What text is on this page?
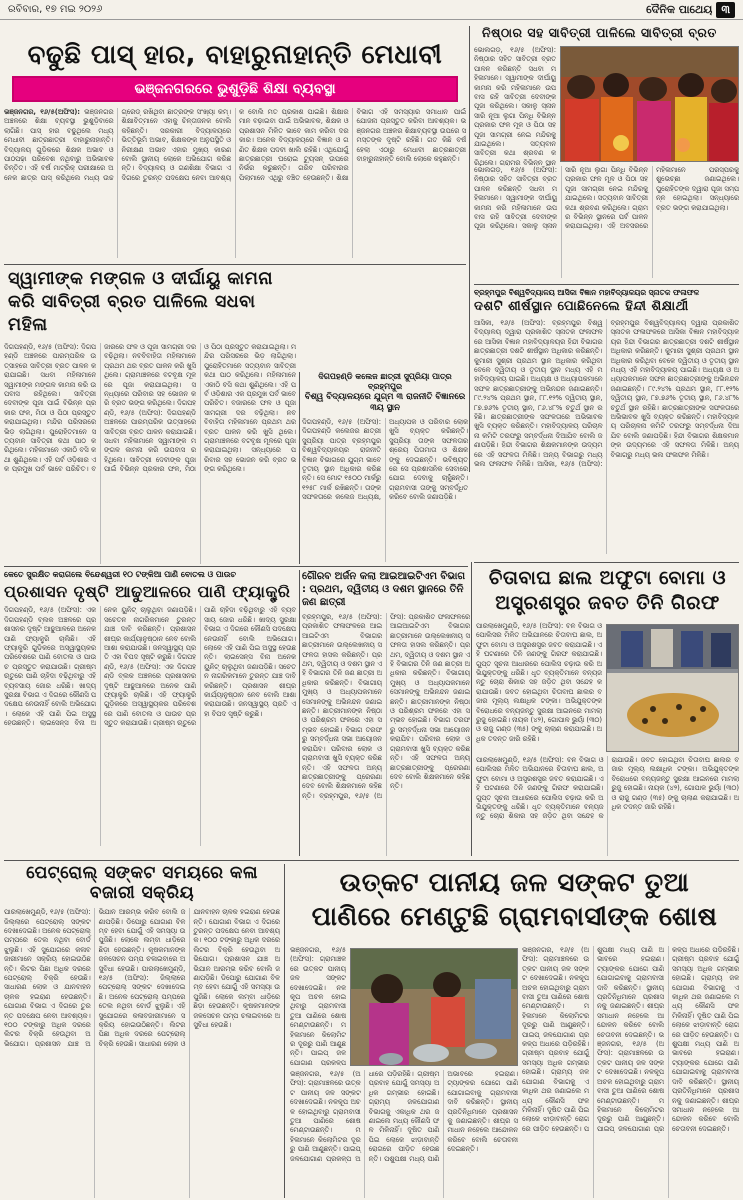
ରବିବାର, ୧୭ ମଇ ୨୦୨୬	ଦୈନିକ ପାଥେୟ ୩
ବଢୁଛି ପାସ୍ ହାର, ବାହାରୁନାହାନ୍ତି ମେଧାବୀ
ଭଞ୍ଜନଗରରେ ଭୁଶୁଡ଼ିଛି ଶିକ୍ଷା ବ୍ୟବସ୍ଥା
ଭଞ୍ଜନଗର, ୧୬/୫(ଅଫିସ): ଭଞ୍ଜନଗର ଅଞ୍ଚଳରେ ଶିକ୍ଷା ବ୍ୟବସ୍ଥା ଭୁଶୁଡ଼ିବାରେ ଲାଗିଛି। ପାସ୍ ହାର ବଢୁଥିଲେ ମଧ୍ୟ ମେଧାବୀ ଛାତ୍ରଛାତ୍ରୀ ବାହାରୁନାହାନ୍ତି। ବିଦ୍ୟାଳୟ ଗୁଡ଼ିକରେ ଶିକ୍ଷକ ଅଭାବ ଓ ପାଠପଢ଼ା ପରିବେଶ ନଥିବାରୁ ଅଭିଭାବକ ଚିନ୍ତିତ। ଏହି ବର୍ଷ ମାଟ୍ରିକ୍ ପରୀକ୍ଷାରେ ଅନେକ ଛାତ୍ର ପାସ୍ କରିଥିଲେ ମଧ୍ୟ ଉଚ୍ଚ ଗ୍ରେଡ୍ ରଖିଥିବା ଛାତ୍ରଙ୍କ ସଂଖ୍ୟା କମ୍। ଶିକ୍ଷାବିତ୍ମାନେ ଏହାକୁ ଚିନ୍ତାଜନକ ବୋଲି କହିଛନ୍ତି। ସରକାରୀ ବିଦ୍ୟାଳୟରେ ଭିତ୍ତିଭୂମି ଅଭାବ, ଶିକ୍ଷକଙ୍କ ଅନୁପସ୍ଥିତି ଓ ନିରୀକ୍ଷଣ ଅଭାବ ଏହାର ମୁଖ୍ୟ କାରଣ ବୋଲି ସ୍ଥାନୀୟ ଲୋକେ ଅଭିଯୋଗ କରିଛନ୍ତି। ବିଦ୍ୟାଳୟ ଓ ଗଣଶିକ୍ଷା ବିଭାଗ ଏ ଦିଗରେ ତୁରନ୍ତ ପଦକ୍ଷେପ ନେବା ଆବଶ୍ୟକ ବୋଲି ମତ ପ୍ରକାଶ ପାଇଛି। ଶିକ୍ଷାର ମାନ ବଢ଼ାଇବା ପାଇଁ ଅଭିଭାବକ, ଶିକ୍ଷକ ଓ ପ୍ରଶାସନ ମିଳିତ ଭାବେ କାମ କରିବା ଦରକାର। ଅନେକ ବିଦ୍ୟାଳୟରେ ବିଜ୍ଞାନ ଓ ଗଣିତ ଶିକ୍ଷକ ପଦବୀ ଖାଲି ରହିଛି। ଏଥିଯୋଗୁଁ ଛାତ୍ରଛାତ୍ରୀ ଘରୋଇ ଟ୍ୟୁସନ୍ ଉପରେ ନିର୍ଭର କରୁଛନ୍ତି। ଗରିବ ପରିବାରର ପିଲାମାନେ ଏଥିରୁ ବଞ୍ଚିତ ହେଉଛନ୍ତି। ଶିକ୍ଷା ବିଭାଗ ଏହି ସମସ୍ୟାର ସମାଧାନ ପାଇଁ ଯୋଜନା ପ୍ରସ୍ତୁତ କରିବା ଆବଶ୍ୟକ। ଭଞ୍ଜନଗର ଅଞ୍ଚଳର ଶିକ୍ଷାବ୍ୟବସ୍ଥା ଉପରେ ସମସ୍ତଙ୍କ ଦୃଷ୍ଟି ରହିଛି। ଗତ କିଛି ବର୍ଷ ହେଲା ଏଠାରୁ ମେଧାବୀ ଛାତ୍ରଛାତ୍ରୀ ବାହାରୁନାହାନ୍ତି ବୋଲି ଲୋକେ କହୁଛନ୍ତି।
ନିଷ୍ଠାର ସହ ସାବିତ୍ରୀ ପାଳିଲେ ସାବିତ୍ରୀ ବ୍ରତ
ଭୋଲଗଡ଼, ୧୬/୫ (ଅଫିସ): ନିଷ୍ଠାର ସହିତ ସାବିତ୍ରୀ ବ୍ରତ ପାଳନ କରିଛନ୍ତି ସଧବା ମହିଳାମାନେ। ସ୍ୱାମୀଙ୍କ ଦୀର୍ଘାୟୁ କାମନା କରି ମହିଳାମାନେ ଉପବାସ ରହି ସାବିତ୍ରୀ ଦେବୀଙ୍କ ପୂଜା କରିଥିଲେ। ସକାଳୁ ସ୍ନାନ ସାରି ନୂଆ ଲୁଗା ପିନ୍ଧି ବିଭିନ୍ନ ପ୍ରକାର ଫଳ ମୂଳ ଓ ପିଠା ସହ ପୂଜା ସାମଗ୍ରୀ ନେଇ ମନ୍ଦିରକୁ ଯାଇଥିଲେ। ସତ୍ୟବାନ ସାବିତ୍ରୀ କଥା ଶ୍ରବଣ କରିଥିଲେ। ଗ୍ରାମର ବିଭିନ୍ନ ସ୍ଥାନ
ଭୋଲଗଡ଼, ୧୬/୫ (ଅଫିସ): ନିଷ୍ଠାର ସହିତ ସାବିତ୍ରୀ ବ୍ରତ ପାଳନ କରିଛନ୍ତି ସଧବା ମହିଳାମାନେ। ସ୍ୱାମୀଙ୍କ ଦୀର୍ଘାୟୁ କାମନା କରି ମହିଳାମାନେ ଉପବାସ ରହି ସାବିତ୍ରୀ ଦେବୀଙ୍କ ପୂଜା କରିଥିଲେ। ସକାଳୁ ସ୍ନାନ ସାରି ନୂଆ ଲୁଗା ପିନ୍ଧି ବିଭିନ୍ନ ପ୍ରକାର ଫଳ ମୂଳ ଓ ପିଠା ସହ ପୂଜା ସାମଗ୍ରୀ ନେଇ ମନ୍ଦିରକୁ ଯାଇଥିଲେ। ସତ୍ୟବାନ ସାବିତ୍ରୀ କଥା ଶ୍ରବଣ କରିଥିଲେ। ଗ୍ରାମର ବିଭିନ୍ନ ସ୍ଥାନରେ ପର୍ବ ପାଳନ କରାଯାଇଥିଲା। ଏହି ଅବସରରେ ମହିଳାମାନେ ପରସ୍ପରକୁ ଶୁଭେଚ୍ଛା ଜଣାଇଥିଲେ। ପୁରୋହିତଙ୍କ ଦ୍ୱାରା ପୂଜା ସମ୍ପନ୍ନ ହୋଇଥିଲା। ସନ୍ଧ୍ୟାରେ ବ୍ରତ ଭଙ୍ଗ କରାଯାଇଥିଲା।
ବ୍ରହ୍ମପୁର ବିଶ୍ୱବିଦ୍ୟାଳୟ ଆସିକା ବିଜ୍ଞାନ ମହାବିଦ୍ୟାଳୟର ସ୍ନାତକ ଫଳାଫଳ
ଦଶଟି ଶୀର୍ଷସ୍ଥାନ ପୋଛିନେଲେ ହିନ୍ଦୀ ଶିକ୍ଷାର୍ଥୀ
ଆସିକା, ୧୬/୫ (ଅଫିସ): ବ୍ରହ୍ମପୁର ବିଶ୍ୱବିଦ୍ୟାଳୟ ଦ୍ୱାରା ପ୍ରକାଶିତ ସ୍ନାତକ ଫଳାଫଳରେ ଆସିକା ବିଜ୍ଞାନ ମହାବିଦ୍ୟାଳୟର ହିନ୍ଦୀ ବିଭାଗର ଛାତ୍ରଛାତ୍ରୀ ଦଶଟି ଶୀର୍ଷସ୍ଥାନ ଅଧିକାର କରିଛନ୍ତି। କୁମାରୀ ସୁଶ୍ରୀ ପ୍ରଥମ ସ୍ଥାନ ଅଧିକାର କରିଥିବା ବେଳେ ଦ୍ୱିତୀୟ ଓ ତୃତୀୟ ସ୍ଥାନ ମଧ୍ୟ ଏହି ମହାବିଦ୍ୟାଳୟ ପାଇଛି। ଅଧ୍ୟକ୍ଷ ଓ ଅଧ୍ୟାପକମାନେ ସଫଳ ଛାତ୍ରଛାତ୍ରୀଙ୍କୁ ଅଭିନନ୍ଦନ ଜଣାଇଛନ୍ତି। ୮୯.୨୪% ପ୍ରଥମ ସ୍ଥାନ, ୮୮.୧୨% ଦ୍ୱିତୀୟ ସ୍ଥାନ, ୮୭.୭୬% ତୃତୀୟ ସ୍ଥାନ, ୮୬.୪୮% ଚତୁର୍ଥ ସ୍ଥାନ ରହିଛି। ଛାତ୍ରଛାତ୍ରୀଙ୍କ ସଫଳତାରେ ଅଭିଭାବକ ଖୁସି ବ୍ୟକ୍ତ କରିଛନ୍ତି। ମହାବିଦ୍ୟାଳୟ ପରିଚାଳନା କମିଟି ତରଫରୁ ସମ୍ବର୍ଦ୍ଧନା ଦିଆଯିବ ବୋଲି ଜଣାପଡ଼ିଛି। ହିନ୍ଦୀ ବିଭାଗର ଶିକ୍ଷକମାନଙ୍କ ଉଦ୍ୟମରେ ଏହି ସଫଳତା ମିଳିଛି। ଅନ୍ୟ ବିଭାଗରୁ ମଧ୍ୟ ଭଲ ଫଳାଫଳ ମିଳିଛି। ଆସିକା, ୧୬/୫ (ଅଫିସ): ବ୍ରହ୍ମପୁର ବିଶ୍ୱବିଦ୍ୟାଳୟ ଦ୍ୱାରା ପ୍ରକାଶିତ ସ୍ନାତକ ଫଳାଫଳରେ ଆସିକା ବିଜ୍ଞାନ ମହାବିଦ୍ୟାଳୟର ହିନ୍ଦୀ ବିଭାଗର ଛାତ୍ରଛାତ୍ରୀ ଦଶଟି ଶୀର୍ଷସ୍ଥାନ ଅଧିକାର କରିଛନ୍ତି। କୁମାରୀ ସୁଶ୍ରୀ ପ୍ରଥମ ସ୍ଥାନ ଅଧିକାର କରିଥିବା ବେଳେ ଦ୍ୱିତୀୟ ଓ ତୃତୀୟ ସ୍ଥାନ ମଧ୍ୟ ଏହି ମହାବିଦ୍ୟାଳୟ ପାଇଛି। ଅଧ୍ୟକ୍ଷ ଓ ଅଧ୍ୟାପକମାନେ ସଫଳ ଛାତ୍ରଛାତ୍ରୀଙ୍କୁ ଅଭିନନ୍ଦନ ଜଣାଇଛନ୍ତି। ୮୯.୨୪% ପ୍ରଥମ ସ୍ଥାନ, ୮୮.୧୨% ଦ୍ୱିତୀୟ ସ୍ଥାନ, ୮୭.୭୬% ତୃତୀୟ ସ୍ଥାନ, ୮୬.୪୮% ଚତୁର୍ଥ ସ୍ଥାନ ରହିଛି। ଛାତ୍ରଛାତ୍ରୀଙ୍କ ସଫଳତାରେ ଅଭିଭାବକ ଖୁସି ବ୍ୟକ୍ତ କରିଛନ୍ତି। ମହାବିଦ୍ୟାଳୟ ପରିଚାଳନା କମିଟି ତରଫରୁ ସମ୍ବର୍ଦ୍ଧନା ଦିଆଯିବ ବୋଲି ଜଣାପଡ଼ିଛି। ହିନ୍ଦୀ ବିଭାଗର ଶିକ୍ଷକମାନଙ୍କ ଉଦ୍ୟମରେ ଏହି ସଫଳତା ମିଳିଛି। ଅନ୍ୟ ବିଭାଗରୁ ମଧ୍ୟ ଭଲ ଫଳାଫଳ ମିଳିଛି।
ସ୍ୱାମୀଙ୍କ ମଙ୍ଗଳ ଓ ଦୀର୍ଘାୟୁ କାମନା କରି ସାବିତ୍ରୀ ବ୍ରତ ପାଳିଲେ ସଧବା ମହିଳା
ଦିଗପହଣ୍ଡି, ୧୬/୫ (ଅଫିସ): ଦିଗପହଣ୍ଡି ଅଞ୍ଚଳରେ ପାରମ୍ପରିକ ଉତ୍ସାହରେ ସାବିତ୍ରୀ ବ୍ରତ ପାଳନ କରାଯାଇଛି। ସଧବା ମହିଳାମାନେ ସ୍ୱାମୀଙ୍କ ମଙ୍ଗଳ କାମନା କରି ଉପବାସ ରହିଥିଲେ। ସାବିତ୍ରୀ ଦେବୀଙ୍କ ପୂଜା ପାଇଁ ବିଭିନ୍ନ ପ୍ରକାର ଫଳ, ମିଠା ଓ ପିଠା ପ୍ରସ୍ତୁତ କରାଯାଇଥିଲା। ମନ୍ଦିର ପରିସରରେ ଭିଡ଼ ଲାଗିଥିଲା। ପୁରୋହିତମାନେ ସତ୍ୟବାନ ସାବିତ୍ରୀ କଥା ପାଠ କରିଥିଲେ। ମହିଳାମାନେ ଏକାଠି ବସି କଥା ଶୁଣିଥିଲେ। ଏହି ପର୍ବ ଓଡ଼ିଶାର ଏକ ପ୍ରମୁଖ ପର୍ବ ଭାବେ ପରିଚିତ। ବଜାରରେ ଫଳ ଓ ପୂଜା ସାମଗ୍ରୀ ଦର ବଢ଼ିଥିଲା। ନବବିବାହିତା ମହିଳାମାନେ ପ୍ରଥମ ଥର ବ୍ରତ ପାଳନ କରି ଖୁସି ଥିଲେ। ଗ୍ରାମାଞ୍ଚଳରେ ବଟବୃକ୍ଷ ମୂଳରେ ପୂଜା କରାଯାଇଥିଲା। ସନ୍ଧ୍ୟାରେ ପରିବାର ସହ ଭୋଜନ କରି ବ୍ରତ ଭଙ୍ଗ କରିଥିଲେ। ଦିଗପହଣ୍ଡି, ୧୬/୫ (ଅଫିସ): ଦିଗପହଣ୍ଡି ଅଞ୍ଚଳରେ ପାରମ୍ପରିକ ଉତ୍ସାହରେ ସାବିତ୍ରୀ ବ୍ରତ ପାଳନ କରାଯାଇଛି। ସଧବା ମହିଳାମାନେ ସ୍ୱାମୀଙ୍କ ମଙ୍ଗଳ କାମନା କରି ଉପବାସ ରହିଥିଲେ। ସାବିତ୍ରୀ ଦେବୀଙ୍କ ପୂଜା ପାଇଁ ବିଭିନ୍ନ ପ୍ରକାର ଫଳ, ମିଠା ଓ ପିଠା ପ୍ରସ୍ତୁତ କରାଯାଇଥିଲା। ମନ୍ଦିର ପରିସରରେ ଭିଡ଼ ଲାଗିଥିଲା। ପୁରୋହିତମାନେ ସତ୍ୟବାନ ସାବିତ୍ରୀ କଥା ପାଠ କରିଥିଲେ। ମହିଳାମାନେ ଏକାଠି ବସି କଥା ଶୁଣିଥିଲେ। ଏହି ପର୍ବ ଓଡ଼ିଶାର ଏକ ପ୍ରମୁଖ ପର୍ବ ଭାବେ ପରିଚିତ। ବଜାରରେ ଫଳ ଓ ପୂଜା ସାମଗ୍ରୀ ଦର ବଢ଼ିଥିଲା। ନବବିବାହିତା ମହିଳାମାନେ ପ୍ରଥମ ଥର ବ୍ରତ ପାଳନ କରି ଖୁସି ଥିଲେ। ଗ୍ରାମାଞ୍ଚଳରେ ବଟବୃକ୍ଷ ମୂଳରେ ପୂଜା କରାଯାଇଥିଲା। ସନ୍ଧ୍ୟାରେ ପରିବାର ସହ ଭୋଜନ କରି ବ୍ରତ ଭଙ୍ଗ କରିଥିଲେ।
ଦିଗପହଣ୍ଡି କଲେଜ ଛାତ୍ରୀ ସୁପ୍ରିୟା ପାତ୍ର ବ୍ରହ୍ମପୁର
ବିଶ୍ୱ ବିଦ୍ୟାଳୟରେ ଯୁଗ୍ମ ୩ ରାଜନୀତି ବିଜ୍ଞାନରେ ୩ୟ ସ୍ଥାନ
ଦିଗପହଣ୍ଡି, ୧୬/୫ (ଅଫିସ): ଦିଗପହଣ୍ଡି କଲେଜର ଛାତ୍ରୀ ସୁପ୍ରିୟା ପାତ୍ର ବ୍ରହ୍ମପୁର ବିଶ୍ୱବିଦ୍ୟାଳୟର ରାଜନୀତି ବିଜ୍ଞାନ ବିଭାଗରେ ଯୁଗ୍ମ ଭାବେ ତୃତୀୟ ସ୍ଥାନ ଅଧିକାର କରିଛନ୍ତି। ସେ ମୋଟ ୧୫୦୦ ମାର୍କରୁ ୧୨୫୮ ମାର୍କ ରଖିଛନ୍ତି। ତାଙ୍କ ସଫଳତାରେ କଲେଜ ଅଧ୍ୟକ୍ଷ, ଅଧ୍ୟାପକ ଓ ପରିବାର ଲୋକ ଖୁସି ବ୍ୟକ୍ତ କରିଛନ୍ତି। ସୁପ୍ରିୟା ତାଙ୍କ ସଫଳତାର ଶ୍ରେୟ ପିତାମାତା ଓ ଶିକ୍ଷକଙ୍କୁ ଦେଇଛନ୍ତି। ଭବିଷ୍ୟତରେ ସେ ପ୍ରଶାସନିକ ସେବାରେ ଯୋଗ ଦେବାକୁ ଚାହୁଁଛନ୍ତି। ଗ୍ରାମବାସୀ ତାଙ୍କୁ ସମ୍ବର୍ଦ୍ଧିତ କରିବେ ବୋଲି ଜଣାପଡ଼ିଛି।
ଗୌରବ ଅର୍ଜନ କଲା ଆଇଆଇଟିଏମ ବିଭାଗ : ପ୍ରଥମ, ଦ୍ୱିତୀୟ ଓ ଦଶମ ସ୍ଥାନରେ ତିନି ଜଣ ଛାତ୍ରୀ
ବ୍ରହ୍ମପୁର, ୧୬/୫ (ଅଫିସ): ପ୍ରକାଶିତ ଫଳାଫଳରେ ଆଇଆଇଟିଏମ ବିଭାଗର ଛାତ୍ରୀମାନେ ଉଲ୍ଲେଖନୀୟ ସଫଳତା ହାସଲ କରିଛନ୍ତି। ପ୍ରଥମ, ଦ୍ୱିତୀୟ ଓ ଦଶମ ସ୍ଥାନ ଏହି ବିଭାଗର ତିନି ଜଣ ଛାତ୍ରୀ ଅଧିକାର କରିଛନ୍ତି। ବିଭାଗୀୟ ମୁଖ୍ୟ ଓ ଅଧ୍ୟାପକମାନେ ସେମାନଙ୍କୁ ଅଭିନନ୍ଦନ ଜଣାଇଛନ୍ତି। ଛାତ୍ରୀମାନଙ୍କ ନିଷ୍ଠା ଓ ପରିଶ୍ରମ ଫଳରେ ଏହା ସମ୍ଭବ ହୋଇଛି। ବିଭାଗ ତରଫରୁ ସମ୍ବର୍ଦ୍ଧନା ସଭା ଆୟୋଜନ କରାଯିବ। ପରିବାର ଲୋକ ଓ ଗ୍ରାମବାସୀ ଖୁସି ବ୍ୟକ୍ତ କରିଛନ୍ତି। ଏହି ସଫଳତା ଅନ୍ୟ ଛାତ୍ରଛାତ୍ରୀଙ୍କୁ ପ୍ରେରଣା ଦେବ ବୋଲି ଶିକ୍ଷକମାନେ କହିଛନ୍ତି। ବ୍ରହ୍ମପୁର, ୧୬/୫ (ଅଫିସ): ପ୍ରକାଶିତ ଫଳାଫଳରେ ଆଇଆଇଟିଏମ ବିଭାଗର ଛାତ୍ରୀମାନେ ଉଲ୍ଲେଖନୀୟ ସଫଳତା ହାସଲ କରିଛନ୍ତି। ପ୍ରଥମ, ଦ୍ୱିତୀୟ ଓ ଦଶମ ସ୍ଥାନ ଏହି ବିଭାଗର ତିନି ଜଣ ଛାତ୍ରୀ ଅଧିକାର କରିଛନ୍ତି। ବିଭାଗୀୟ ମୁଖ୍ୟ ଓ ଅଧ୍ୟାପକମାନେ ସେମାନଙ୍କୁ ଅଭିନନ୍ଦନ ଜଣାଇଛନ୍ତି। ଛାତ୍ରୀମାନଙ୍କ ନିଷ୍ଠା ଓ ପରିଶ୍ରମ ଫଳରେ ଏହା ସମ୍ଭବ ହୋଇଛି। ବିଭାଗ ତରଫରୁ ସମ୍ବର୍ଦ୍ଧନା ସଭା ଆୟୋଜନ କରାଯିବ। ପରିବାର ଲୋକ ଓ ଗ୍ରାମବାସୀ ଖୁସି ବ୍ୟକ୍ତ କରିଛନ୍ତି। ଏହି ସଫଳତା ଅନ୍ୟ ଛାତ୍ରଛାତ୍ରୀଙ୍କୁ ପ୍ରେରଣା ଦେବ ବୋଲି ଶିକ୍ଷକମାନେ କହିଛନ୍ତି।
କେତେ ସୁରକ୍ଷିତ କରାଗଲେ ବିନ୍ଦେଶ୍ୱରୀ ୧୦ ଟଙ୍କିଆ ପାଣି ବୋତଲ ଓ ପାଉଚ
ପ୍ରଶାସନ ଦୃଷ୍ଟି ଆଢୁଆଳରେ ପାଣି ଫ୍ୟାକ୍ଟ୍ରି
ଦିଗପହଣ୍ଡି, ୧୬/୫ (ଅଫିସ): ଏକ ଦିଗପହଣ୍ଡି ବ୍ଲକ ଅଞ୍ଚଳରେ ପ୍ରଶାସନର ଦୃଷ୍ଟି ଆଢୁଆଳରେ ଅନେକ ପାଣି ଫ୍ୟାକ୍ଟ୍ରି ଚାଲିଛି। ଏହି ଫ୍ୟାକ୍ଟ୍ରି ଗୁଡ଼ିକରେ ଅସ୍ୱାସ୍ଥ୍ୟକର ପରିବେଶରେ ପାଣି ବୋତଲ ଓ ପାଉଚ ପ୍ରସ୍ତୁତ କରାଯାଉଛି। ଗ୍ରୀଷ୍ମ ଋତୁରେ ପାଣି ଚାହିଦା ବଢ଼ିଥିବାରୁ ଏହି ବ୍ୟବସାୟ ଜୋର ଧରିଛି। ଖାଦ୍ୟ ସୁରକ୍ଷା ବିଭାଗ ଏ ଦିଗରେ କୌଣସି ପଦକ୍ଷେପ ନେଉନାହିଁ ବୋଲି ଅଭିଯୋଗ। ଲୋକେ ଏହି ପାଣି ପିଇ ଅସୁସ୍ଥ ହେଉଛନ୍ତି। ଲାଇସେନ୍ସ ବିନା ଅନେକ ୟୁନିଟ୍ ଚାଲୁଥିବା ଜଣାପଡ଼ିଛି। ସଚେତନ ନାଗରିକମାନେ ତୁରନ୍ତ ଯାଞ୍ଚ ଦାବି କରିଛନ୍ତି। ପ୍ରଶାସନ ଶୀଘ୍ର କାର୍ଯ୍ୟାନୁଷ୍ଠାନ ନେବ ବୋଲି ଆଶା କରାଯାଉଛି। ଜନସ୍ୱାସ୍ଥ୍ୟ ପ୍ରତି ଏହା ବିପଦ ସୃଷ୍ଟି କରୁଛି। ଦିଗପହଣ୍ଡି, ୧୬/୫ (ଅଫିସ): ଏକ ଦିଗପହଣ୍ଡି ବ୍ଲକ ଅଞ୍ଚଳରେ ପ୍ରଶାସନର ଦୃଷ୍ଟି ଆଢୁଆଳରେ ଅନେକ ପାଣି ଫ୍ୟାକ୍ଟ୍ରି ଚାଲିଛି। ଏହି ଫ୍ୟାକ୍ଟ୍ରି ଗୁଡ଼ିକରେ ଅସ୍ୱାସ୍ଥ୍ୟକର ପରିବେଶରେ ପାଣି ବୋତଲ ଓ ପାଉଚ ପ୍ରସ୍ତୁତ କରାଯାଉଛି। ଗ୍ରୀଷ୍ମ ଋତୁରେ ପାଣି ଚାହିଦା ବଢ଼ିଥିବାରୁ ଏହି ବ୍ୟବସାୟ ଜୋର ଧରିଛି। ଖାଦ୍ୟ ସୁରକ୍ଷା ବିଭାଗ ଏ ଦିଗରେ କୌଣସି ପଦକ୍ଷେପ ନେଉନାହିଁ ବୋଲି ଅଭିଯୋଗ। ଲୋକେ ଏହି ପାଣି ପିଇ ଅସୁସ୍ଥ ହେଉଛନ୍ତି। ଲାଇସେନ୍ସ ବିନା ଅନେକ ୟୁନିଟ୍ ଚାଲୁଥିବା ଜଣାପଡ଼ିଛି। ସଚେତନ ନାଗରିକମାନେ ତୁରନ୍ତ ଯାଞ୍ଚ ଦାବି କରିଛନ୍ତି। ପ୍ରଶାସନ ଶୀଘ୍ର କାର୍ଯ୍ୟାନୁଷ୍ଠାନ ନେବ ବୋଲି ଆଶା କରାଯାଉଛି। ଜନସ୍ୱାସ୍ଥ୍ୟ ପ୍ରତି ଏହା ବିପଦ ସୃଷ୍ଟି କରୁଛି।
ଚିତାବାଘ ଛାଲ ଅଫୁଟା ବୋମା ଓ ଅସ୍ତ୍ରଶସ୍ତ୍ର ଜବତ ତିନି ଗିରଫ
ପାରଲାଖେମୁଣ୍ଡି, ୧୬/୫ (ଅଫିସ): ବନ ବିଭାଗ ଓ ପୋଲିସର ମିଳିତ ଅଭିଯାନରେ ଚିତାବାଘ ଛାଲ, ଅଫୁଟା ବୋମା ଓ ଅସ୍ତ୍ରଶସ୍ତ୍ର ଜବତ କରାଯାଇଛି। ଏହି ଘଟଣାରେ ତିନି ଜଣଙ୍କୁ ଗିରଫ କରାଯାଇଛି। ଗୁପ୍ତ ସୂଚନା ଆଧାରରେ ପୋଲିସ ଚଢ଼ାଉ କରି ଅଭିଯୁକ୍ତଙ୍କୁ ଧରିଛି। ଧୃତ ବ୍ୟକ୍ତିମାନେ ବନ୍ୟଜନ୍ତୁ ଚୋରା ଶିକାର ସହ ଜଡ଼ିତ ଥିବା ସନ୍ଦେହ କରାଯାଉଛି। ଜବତ ହୋଇଥିବା ଚିତାବାଘ ଛାଲର ବଜାର ମୂଲ୍ୟ ଲକ୍ଷାଧିକ ଟଙ୍କା। ଅଭିଯୁକ୍ତଙ୍କ ବିରୋଧରେ ବନ୍ୟଜନ୍ତୁ ସୁରକ୍ଷା ଆଇନରେ ମାମଲା ରୁଜୁ ହୋଇଛି। ନାୟକ (୪୨), ଗୋପାଳ ଭୁୟାଁ (୩୦) ଓ ରାଜୁ ଗଣ୍ଡ (୩୫) ଙ୍କୁ ଚାଲାଣ କରାଯାଇଛି। ଅଧିକ ତଦନ୍ତ ଜାରି ରହିଛି।
ପାରଲାଖେମୁଣ୍ଡି, ୧୬/୫ (ଅଫିସ): ବନ ବିଭାଗ ଓ ପୋଲିସର ମିଳିତ ଅଭିଯାନରେ ଚିତାବାଘ ଛାଲ, ଅଫୁଟା ବୋମା ଓ ଅସ୍ତ୍ରଶସ୍ତ୍ର ଜବତ କରାଯାଇଛି। ଏହି ଘଟଣାରେ ତିନି ଜଣଙ୍କୁ ଗିରଫ କରାଯାଇଛି। ଗୁପ୍ତ ସୂଚନା ଆଧାରରେ ପୋଲିସ ଚଢ଼ାଉ କରି ଅଭିଯୁକ୍ତଙ୍କୁ ଧରିଛି। ଧୃତ ବ୍ୟକ୍ତିମାନେ ବନ୍ୟଜନ୍ତୁ ଚୋରା ଶିକାର ସହ ଜଡ଼ିତ ଥିବା ସନ୍ଦେହ କରାଯାଉଛି। ଜବତ ହୋଇଥିବା ଚିତାବାଘ ଛାଲର ବଜାର ମୂଲ୍ୟ ଲକ୍ଷାଧିକ ଟଙ୍କା। ଅଭିଯୁକ୍ତଙ୍କ ବିରୋଧରେ ବନ୍ୟଜନ୍ତୁ ସୁରକ୍ଷା ଆଇନରେ ମାମଲା ରୁଜୁ ହୋଇଛି। ନାୟକ (୪୨), ଗୋପାଳ ଭୁୟାଁ (୩୦) ଓ ରାଜୁ ଗଣ୍ଡ (୩୫) ଙ୍କୁ ଚାଲାଣ କରାଯାଇଛି। ଅଧିକ ତଦନ୍ତ ଜାରି ରହିଛି।
ପେଟ୍ରୋଲ୍ ସଙ୍କଟ ସମୟରେ କଳା ବଜାରୀ ସକ୍ରିୟ
ପାରଲାଖେମୁଣ୍ଡି, ୧୬/୫ (ଅଫିସ): ଜିଲ୍ଲାରେ ପେଟ୍ରୋଲ୍ ସଙ୍କଟ ଦେଖାଦେଇଛି। ଅନେକ ପେଟ୍ରୋଲ୍ ପମ୍ପରେ ତେଲ ନଥିବା ବୋର୍ଡ ଝୁଲୁଛି। ଏହି ସୁଯୋଗରେ କଳାବଜାରୀମାନେ ସକ୍ରିୟ ହୋଇଉଠିଛନ୍ତି। ଲିଟର ପିଛା ଅଧିକ ଦରରେ ପେଟ୍ରୋଲ୍ ବିକ୍ରି ହେଉଛି। ସାଧାରଣ ଲୋକ ଓ ଯାନବାହନ ଚାଳକ ହଇରାଣ ହେଉଛନ୍ତି। ଯୋଗାଣ ବିଭାଗ ଏ ଦିଗରେ ତୁରନ୍ତ ପଦକ୍ଷେପ ନେବା ଆବଶ୍ୟକ। ୧୦୦ ଟଙ୍କାରୁ ଅଧିକ ଦରରେ ଲିଟର ବିକ୍ରି ହେଉଥିବା ଅଭିଯୋଗ। ପ୍ରଶାସନ ଯାଞ୍ଚ ଅଭିଯାନ ଆରମ୍ଭ କରିବ ବୋଲି ଜଣାପଡ଼ିଛି। ଡିପୋରୁ ଯୋଗାଣ ବିଳମ୍ବ ହେବା ଯୋଗୁଁ ଏହି ସମସ୍ୟା ଉପୁଜିଛି। ଲୋକେ ଲମ୍ବା ଧାଡ଼ିରେ ଛିଡ଼ା ହେଉଛନ୍ତି। କୃଷକମାନଙ୍କ ଜଳସେଚନ ପମ୍ପ ଚଳାଇବାରେ ଅସୁବିଧା ହେଉଛି। ପାରଲାଖେମୁଣ୍ଡି, ୧୬/୫ (ଅଫିସ): ଜିଲ୍ଲାରେ ପେଟ୍ରୋଲ୍ ସଙ୍କଟ ଦେଖାଦେଇଛି। ଅନେକ ପେଟ୍ରୋଲ୍ ପମ୍ପରେ ତେଲ ନଥିବା ବୋର୍ଡ ଝୁଲୁଛି। ଏହି ସୁଯୋଗରେ କଳାବଜାରୀମାନେ ସକ୍ରିୟ ହୋଇଉଠିଛନ୍ତି। ଲିଟର ପିଛା ଅଧିକ ଦରରେ ପେଟ୍ରୋଲ୍ ବିକ୍ରି ହେଉଛି। ସାଧାରଣ ଲୋକ ଓ ଯାନବାହନ ଚାଳକ ହଇରାଣ ହେଉଛନ୍ତି। ଯୋଗାଣ ବିଭାଗ ଏ ଦିଗରେ ତୁରନ୍ତ ପଦକ୍ଷେପ ନେବା ଆବଶ୍ୟକ। ୧୦୦ ଟଙ୍କାରୁ ଅଧିକ ଦରରେ ଲିଟର ବିକ୍ରି ହେଉଥିବା ଅଭିଯୋଗ। ପ୍ରଶାସନ ଯାଞ୍ଚ ଅଭିଯାନ ଆରମ୍ଭ କରିବ ବୋଲି ଜଣାପଡ଼ିଛି। ଡିପୋରୁ ଯୋଗାଣ ବିଳମ୍ବ ହେବା ଯୋଗୁଁ ଏହି ସମସ୍ୟା ଉପୁଜିଛି। ଲୋକେ ଲମ୍ବା ଧାଡ଼ିରେ ଛିଡ଼ା ହେଉଛନ୍ତି। କୃଷକମାନଙ୍କ ଜଳସେଚନ ପମ୍ପ ଚଳାଇବାରେ ଅସୁବିଧା ହେଉଛି।
ଉତ୍କଟ ପାନୀୟ ଜଳ ସଙ୍କଟ ତୁଆ ପାଣିରେ ମେଣ୍ଟୁଛି ଗ୍ରାମବାସୀଙ୍କ ଶୋଷ
ଭଞ୍ଜନଗର, ୧୬/୫ (ଅଫିସ): ଗ୍ରାମାଞ୍ଚଳରେ ଉତ୍କଟ ପାନୀୟ ଜଳ ସଙ୍କଟ ଦେଖାଦେଇଛି। ନଳକୂପ ଅଚଳ ହୋଇଥିବାରୁ ଗ୍ରାମବାସୀ ତୁଆ ପାଣିରେ ଶୋଷ ମେଣ୍ଟାଉଛନ୍ତି। ମହିଳାମାନେ କିଲୋମିଟର ଦୂରରୁ ପାଣି ଆଣୁଛନ୍ତି। ପାଇପ୍ ଜଳଯୋଗାଣ ପ୍ରକଳ୍ପ
ଭଞ୍ଜନଗର, ୧୬/୫ (ଅଫିସ): ଗ୍ରାମାଞ୍ଚଳରେ ଉତ୍କଟ ପାନୀୟ ଜଳ ସଙ୍କଟ ଦେଖାଦେଇଛି। ନଳକୂପ ଅଚଳ ହୋଇଥିବାରୁ ଗ୍ରାମବାସୀ ତୁଆ ପାଣିରେ ଶୋଷ ମେଣ୍ଟାଉଛନ୍ତି। ମହିଳାମାନେ କିଲୋମିଟର ଦୂରରୁ ପାଣି ଆଣୁଛନ୍ତି। ପାଇପ୍ ଜଳଯୋଗାଣ ପ୍ରକଳ୍ପ ଅଧାରେ ପଡ଼ିରହିଛି। ଗ୍ରୀଷ୍ମ ପ୍ରବାହ ଯୋଗୁଁ ସମସ୍ୟା ଅଧିକ ଗମ୍ଭୀର ହୋଇଛି। ଗ୍ରାମ୍ୟ ଜଳଯୋଗାଣ ବିଭାଗକୁ ଏକାଧିକ ଥର ଜଣାଇଲେ ମଧ୍ୟ କୌଣସି ଫଳ ମିଳିନାହିଁ। ଦୂଷିତ ପାଣି ପିଇ ଲୋକେ ଝାଡ଼ାବାନ୍ତି ରୋଗରେ ପୀଡ଼ିତ ହେଉଛନ୍ତି। ପଶୁପକ୍ଷୀ ମଧ୍ୟ ପାଣି ଅଭାବରେ ହଇରାଣ। ଟ୍ୟାଙ୍କର ଯୋଗେ ପାଣି ଯୋଗାଇବାକୁ ଗ୍ରାମବାସୀ ଦାବି କରିଛନ୍ତି। ସ୍ଥାନୀୟ ପ୍ରତିନିଧିମାନେ ପ୍ରଶାସନକୁ ଜଣାଇଛନ୍ତି। ଶୀଘ୍ର ସମାଧାନ ନହେଲେ ଆନ୍ଦୋଳନ କରିବେ ବୋଲି ଚେତାବନୀ ଦେଇଛନ୍ତି। ଭଞ୍ଜନଗର, ୧୬/୫ (ଅଫିସ): ଗ୍ରାମାଞ୍ଚଳରେ ଉତ୍କଟ ପାନୀୟ ଜଳ ସଙ୍କଟ ଦେଖାଦେଇଛି। ନଳକୂପ ଅଚଳ ହୋଇଥିବାରୁ ଗ୍ରାମବାସୀ ତୁଆ ପାଣିରେ ଶୋଷ ମେଣ୍ଟାଉଛନ୍ତି। ମହିଳାମାନେ କିଲୋମିଟର ଦୂରରୁ ପାଣି ଆଣୁଛନ୍ତି। ପାଇପ୍ ଜଳଯୋଗାଣ ପ୍ରକଳ୍ପ ଅଧାରେ ପଡ଼ିରହିଛି। ଗ୍ରୀଷ୍ମ ପ୍ରବାହ ଯୋଗୁଁ ସମସ୍ୟା ଅଧିକ ଗମ୍ଭୀର ହୋଇଛି। ଗ୍ରାମ୍ୟ ଜଳଯୋଗାଣ ବିଭାଗକୁ ଏକାଧିକ ଥର ଜଣାଇଲେ ମଧ୍ୟ କୌଣସି ଫଳ ମିଳିନାହିଁ। ଦୂଷିତ ପାଣି ପିଇ ଲୋକେ ଝାଡ଼ାବାନ୍ତି ରୋଗରେ ପୀଡ଼ିତ ହେଉଛନ୍ତି। ପଶୁପକ୍ଷୀ ମଧ୍ୟ ପାଣି ଅଭାବରେ ହଇରାଣ। ଟ୍ୟାଙ୍କର ଯୋଗେ ପାଣି ଯୋଗାଇବାକୁ ଗ୍ରାମବାସୀ ଦାବି କରିଛନ୍ତି। ସ୍ଥାନୀୟ ପ୍ରତିନିଧିମାନେ ପ୍ରଶାସନକୁ ଜଣାଇଛନ୍ତି। ଶୀଘ୍ର ସମାଧାନ ନହେଲେ ଆନ୍ଦୋଳନ କରିବେ ବୋଲି ଚେତାବନୀ ଦେଇଛନ୍ତି।
ଭଞ୍ଜନଗର, ୧୬/୫ (ଅଫିସ): ଗ୍ରାମାଞ୍ଚଳରେ ଉତ୍କଟ ପାନୀୟ ଜଳ ସଙ୍କଟ ଦେଖାଦେଇଛି। ନଳକୂପ ଅଚଳ ହୋଇଥିବାରୁ ଗ୍ରାମବାସୀ ତୁଆ ପାଣିରେ ଶୋଷ ମେଣ୍ଟାଉଛନ୍ତି। ମହିଳାମାନେ କିଲୋମିଟର ଦୂରରୁ ପାଣି ଆଣୁଛନ୍ତି। ପାଇପ୍ ଜଳଯୋଗାଣ ପ୍ରକଳ୍ପ ଅଧାରେ ପଡ଼ିରହିଛି। ଗ୍ରୀଷ୍ମ ପ୍ରବାହ ଯୋଗୁଁ ସମସ୍ୟା ଅଧିକ ଗମ୍ଭୀର ହୋଇଛି। ଗ୍ରାମ୍ୟ ଜଳଯୋଗାଣ ବିଭାଗକୁ ଏକାଧିକ ଥର ଜଣାଇଲେ ମଧ୍ୟ କୌଣସି ଫଳ ମିଳିନାହିଁ। ଦୂଷିତ ପାଣି ପିଇ ଲୋକେ ଝାଡ଼ାବାନ୍ତି ରୋଗରେ ପୀଡ଼ିତ ହେଉଛନ୍ତି। ପଶୁପକ୍ଷୀ ମଧ୍ୟ ପାଣି ଅଭାବରେ ହଇରାଣ। ଟ୍ୟାଙ୍କର ଯୋଗେ ପାଣି ଯୋଗାଇବାକୁ ଗ୍ରାମବାସୀ ଦାବି କରିଛନ୍ତି। ସ୍ଥାନୀୟ ପ୍ରତିନିଧିମାନେ ପ୍ରଶାସନକୁ ଜଣାଇଛନ୍ତି। ଶୀଘ୍ର ସମାଧାନ ନହେଲେ ଆନ୍ଦୋଳନ କରିବେ ବୋଲି ଚେତାବନୀ ଦେଇଛନ୍ତି।
